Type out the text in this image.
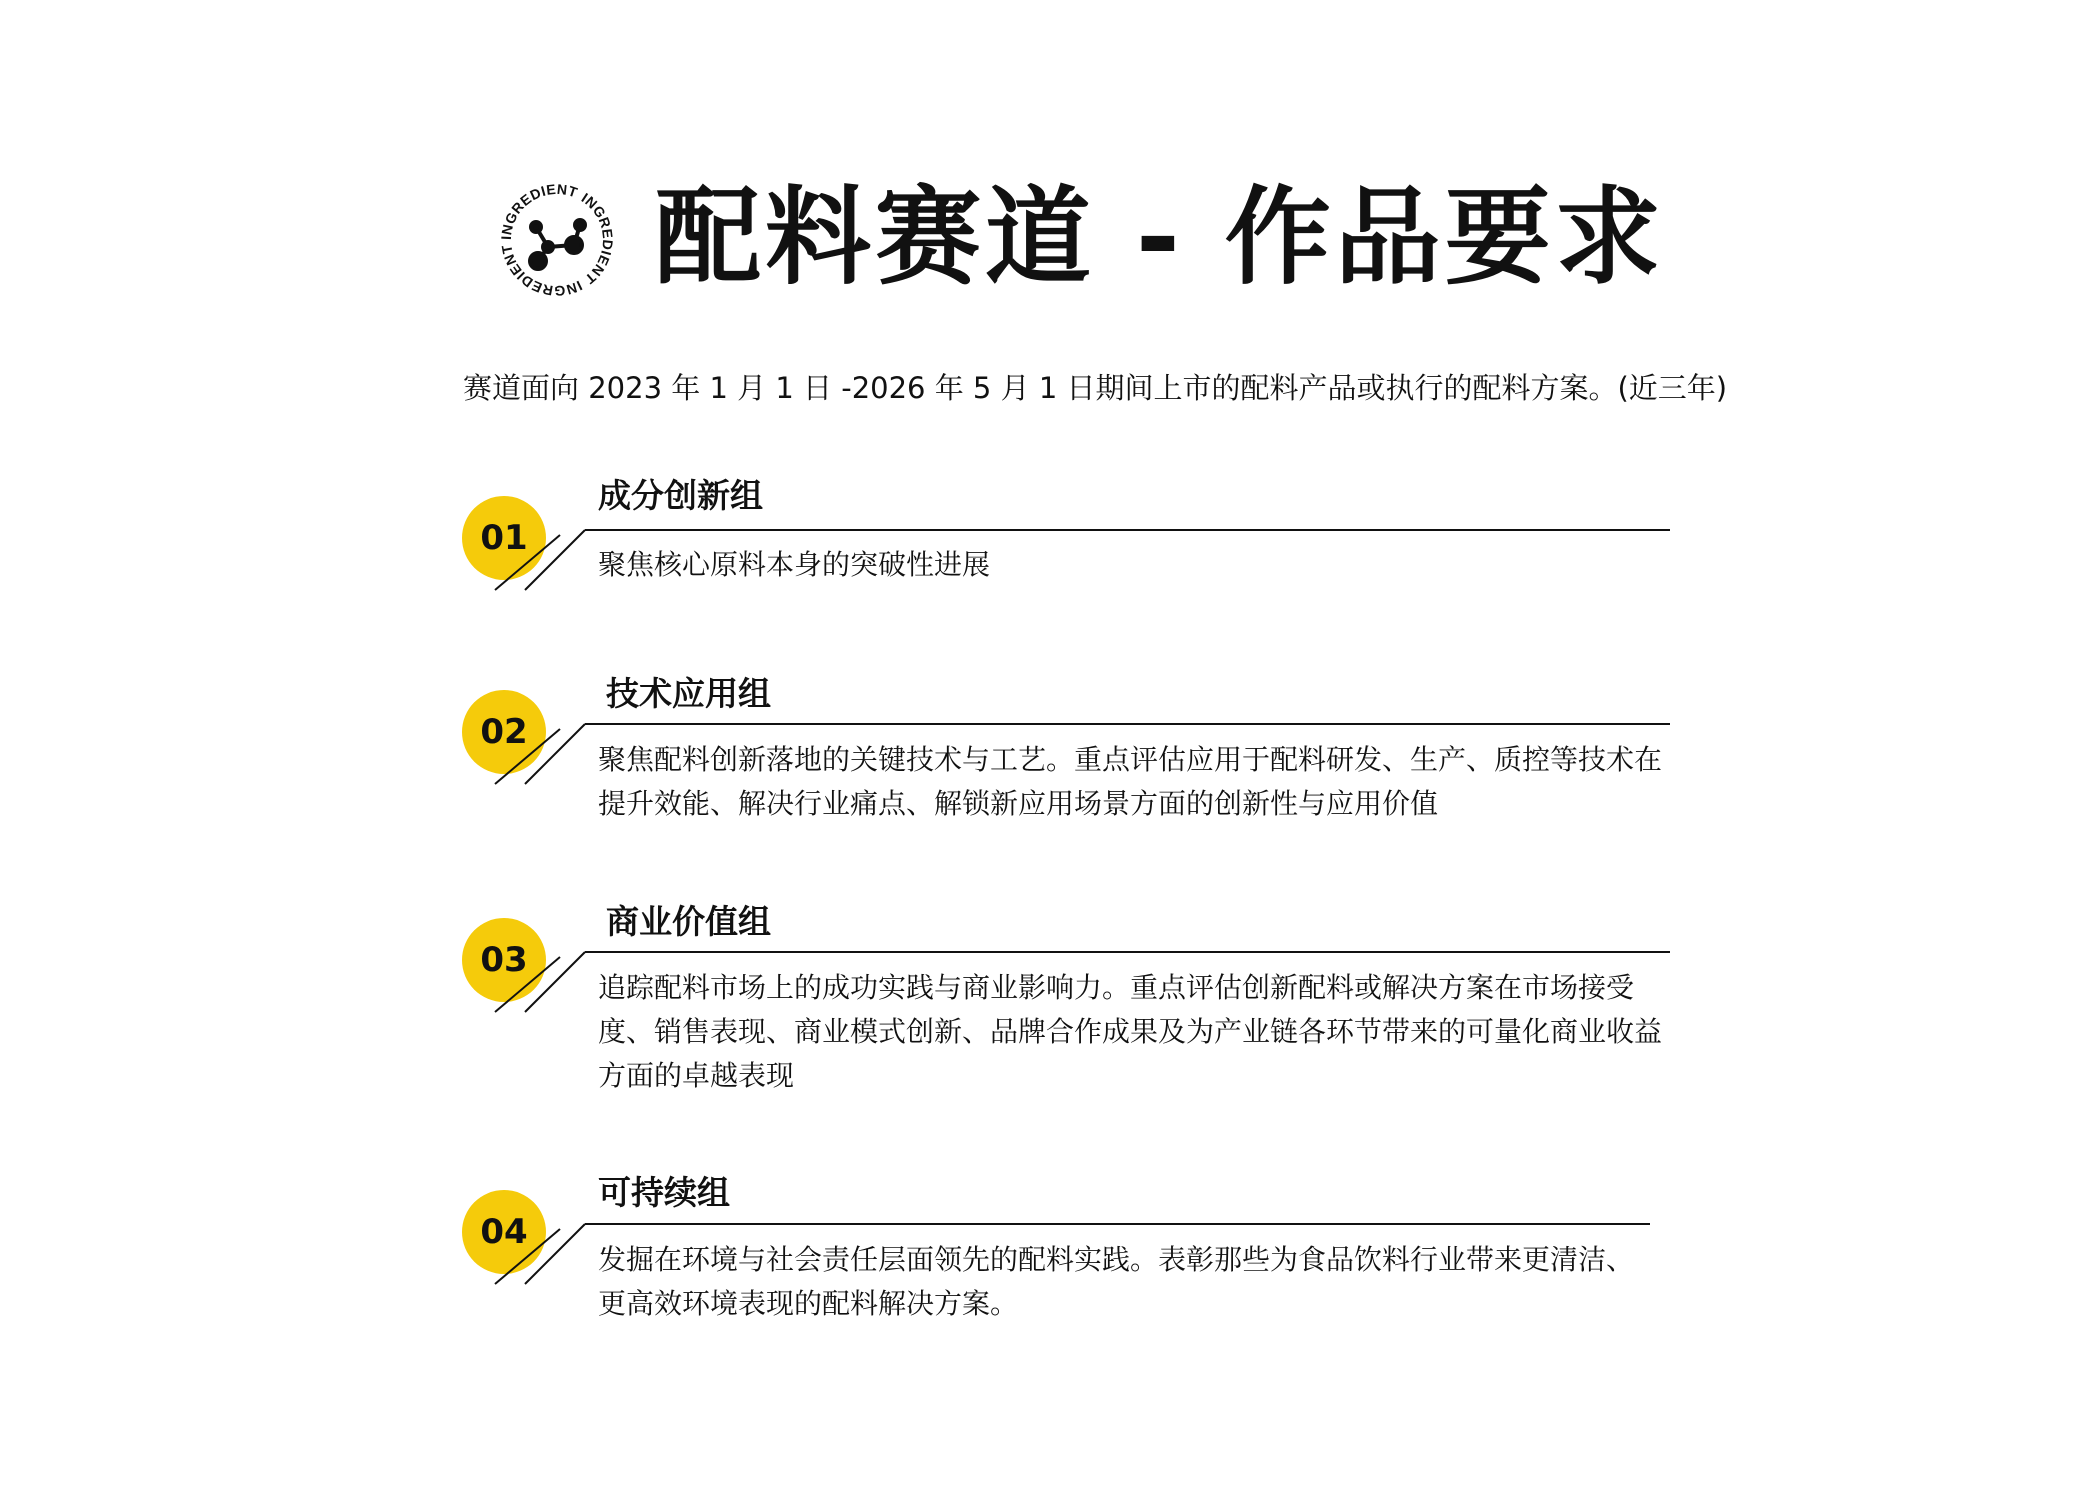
INGREDIENT
INGREDIENT
INGREDIENT	配料赛道 - 作品要求
赛道面向 2023 年 1 月 1 日 -2026 年 5 月 1 日期间上市的配料产品或执行的配料方案。(近三年)
01
成分创新组

聚焦核心原料本身的突破性进展

02
技术应用组

聚焦配料创新落地的关键技术与工艺。重点评估应用于配料研发、生产、质控等技术在提升效能、解决行业痛点、解锁新应用场景方面的创新性与应用价值

03
商业价值组

追踪配料市场上的成功实践与商业影响力。重点评估创新配料或解决方案在市场接受度、销售表现、商业模式创新、品牌合作成果及为产业链各环节带来的可量化商业收益方面的卓越表现

04
可持续组

发掘在环境与社会责任层面领先的配料实践。表彰那些为食品饮料行业带来更清洁、更高效环境表现的配料解决方案。
